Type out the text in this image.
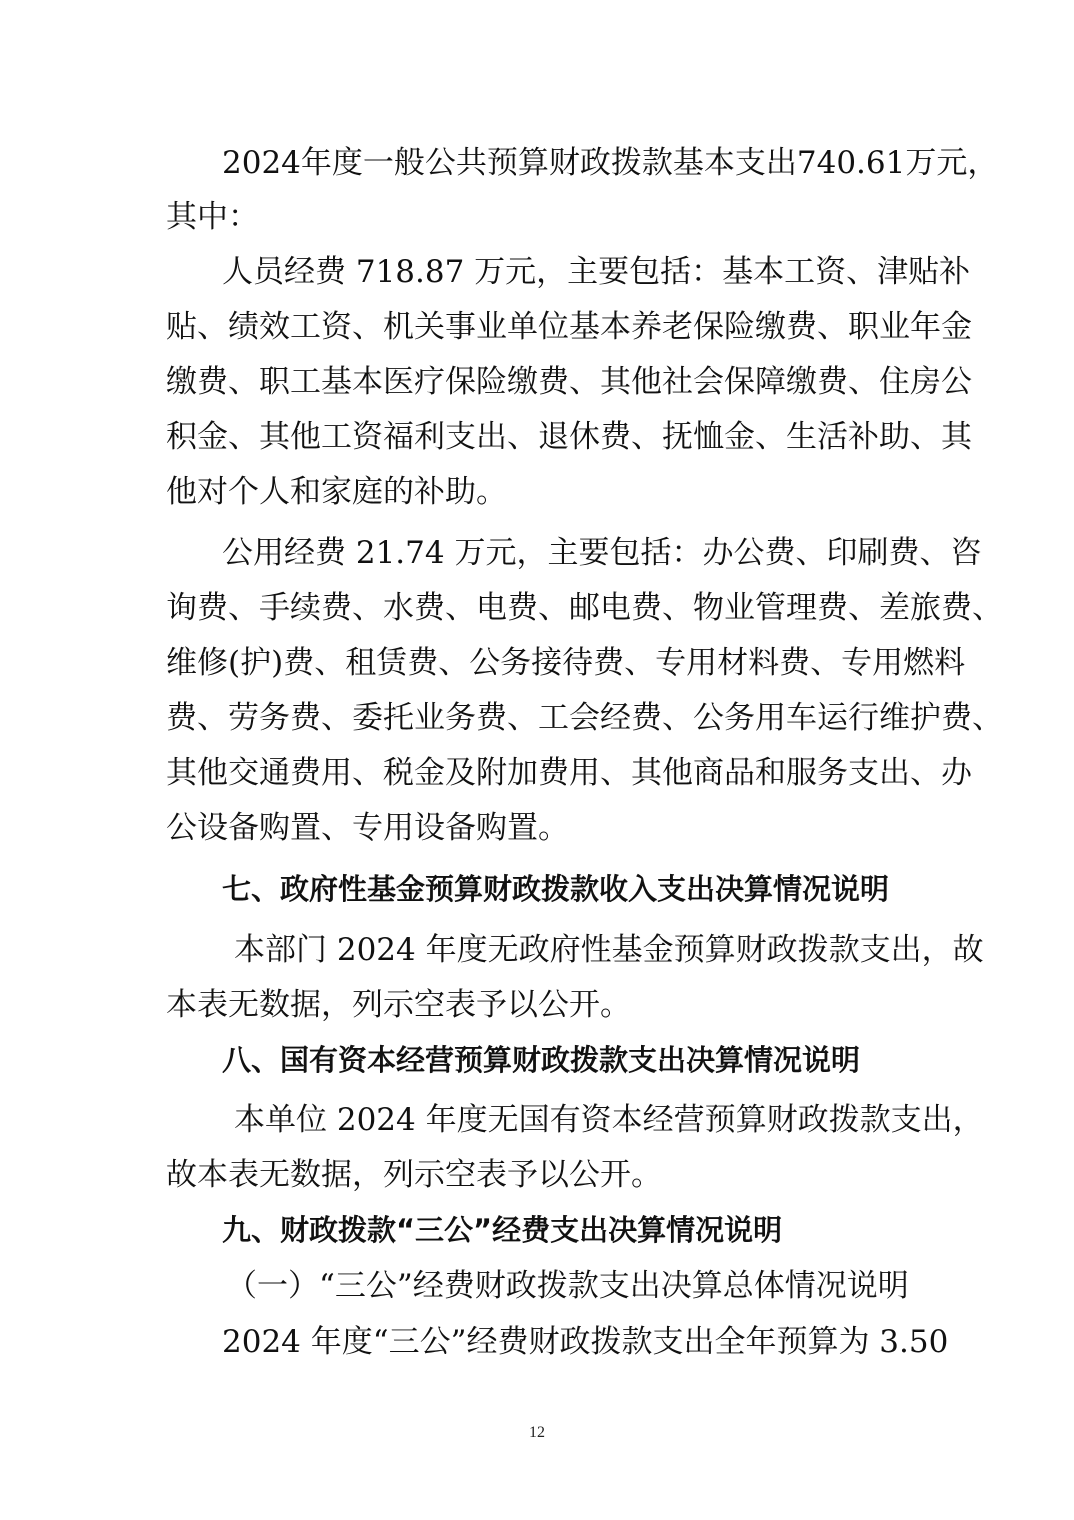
2024年度一般公共预算财政拨款基本支出740.61万元，
其中：
人员经费 718.87 万元，主要包括：基本工资、津贴补
贴、绩效工资、机关事业单位基本养老保险缴费、职业年金
缴费、职工基本医疗保险缴费、其他社会保障缴费、住房公
积金、其他工资福利支出、退休费、抚恤金、生活补助、其
他对个人和家庭的补助。
公用经费 21.74 万元，主要包括：办公费、印刷费、咨
询费、手续费、水费、电费、邮电费、物业管理费、差旅费、
维修(护)费、租赁费、公务接待费、专用材料费、专用燃料
费、劳务费、委托业务费、工会经费、公务用车运行维护费、
其他交通费用、税金及附加费用、其他商品和服务支出、办
公设备购置、专用设备购置。
七、政府性基金预算财政拨款收入支出决算情况说明
本部门 2024 年度无政府性基金预算财政拨款支出，故
本表无数据，列示空表予以公开。
八、国有资本经营预算财政拨款支出决算情况说明
本单位 2024 年度无国有资本经营预算财政拨款支出，
故本表无数据，列示空表予以公开。
九、财政拨款“三公”经费支出决算情况说明
（一）“三公”经费财政拨款支出决算总体情况说明
2024 年度“三公”经费财政拨款支出全年预算为 3.50
12
